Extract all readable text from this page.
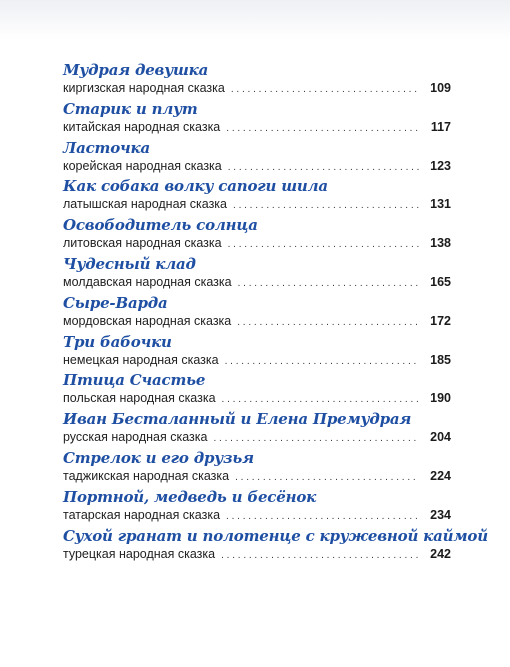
Мудрая девушка
киргизская народная сказка . . .	109
Старик и плут
китайская народная сказка . . .	117
Ласточка
корейская народная сказка . . .	123
Как собака волку сапоги шила
латышская народная сказка . . .	131
Освободитель солнца
литовская народная сказка . . .	138
Чудесный клад
молдавская народная сказка . . .	165
Сыре-Варда
мордовская народная сказка . . .	172
Три бабочки
немецкая народная сказка . . .	185
Птица Счастье
польская народная сказка . . .	190
Иван Бесталанный и Елена Премудрая
русская народная сказка . . .	204
Стрелок и его друзья
таджикская народная сказка . . .	224
Портной, медведь и бесёнок
татарская народная сказка . . .	234
Сухой гранат и полотенце с кружевной каймой
турецкая народная сказка . . .	242
